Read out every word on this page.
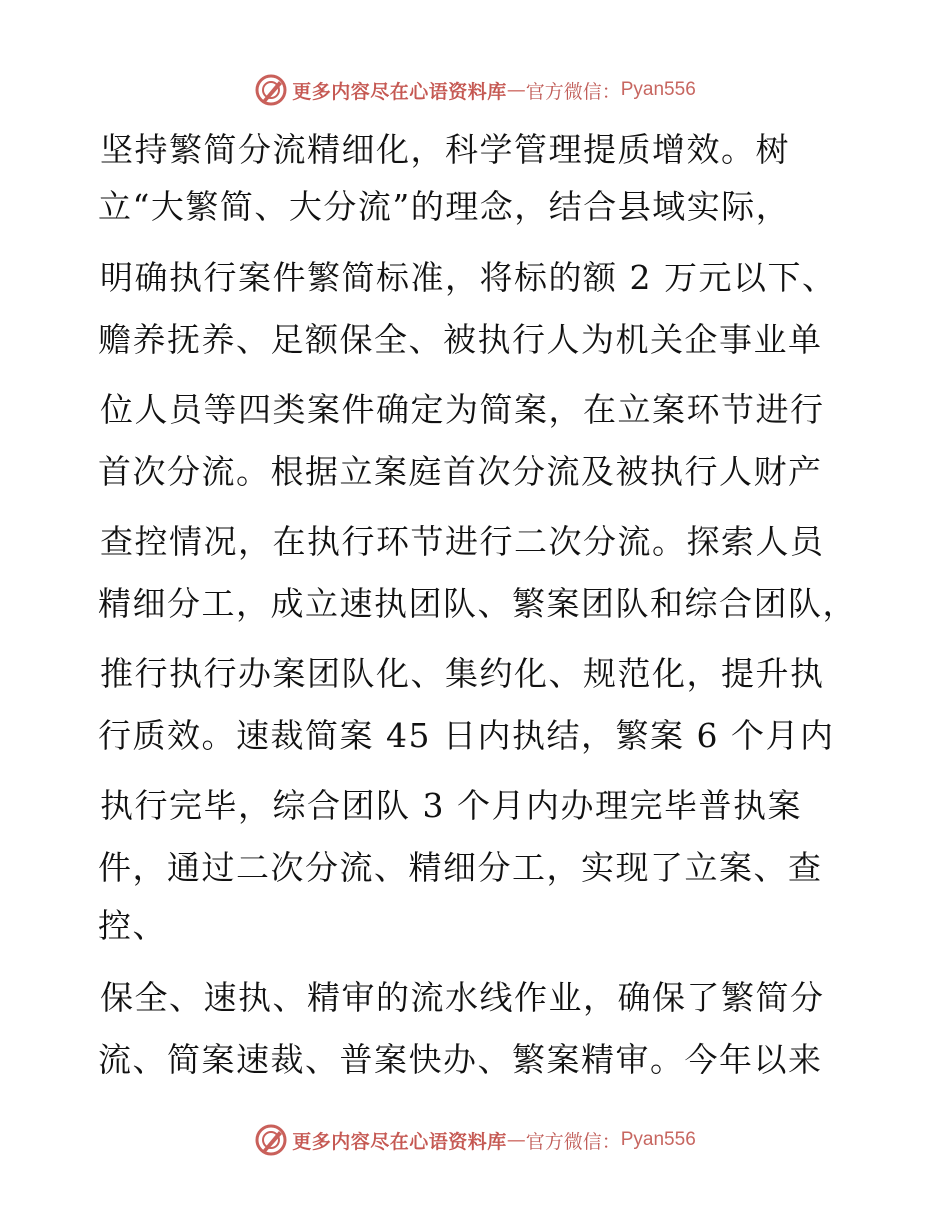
更多内容尽在心语资料库 — 官方微信： Pyan556
坚持繁简分流精细化，科学管理提质增效。树
立“大繁简、大分流”的理念，结合县域实际，
明确执行案件繁简标准，将标的额 2 万元以下、
赡养抚养、足额保全、被执行人为机关企事业单
位人员等四类案件确定为简案，在立案环节进行
首次分流。根据立案庭首次分流及被执行人财产
查控情况，在执行环节进行二次分流。探索人员
精细分工，成立速执团队、繁案团队和综合团队，
推行执行办案团队化、集约化、规范化，提升执
行质效。速裁简案 45 日内执结，繁案 6 个月内
执行完毕，综合团队 3 个月内办理完毕普执案
件，通过二次分流、精细分工，实现了立案、查
控、
保全、速执、精审的流水线作业，确保了繁简分
流、简案速裁、普案快办、繁案精审。今年以来
更多内容尽在心语资料库 — 官方微信： Pyan556
